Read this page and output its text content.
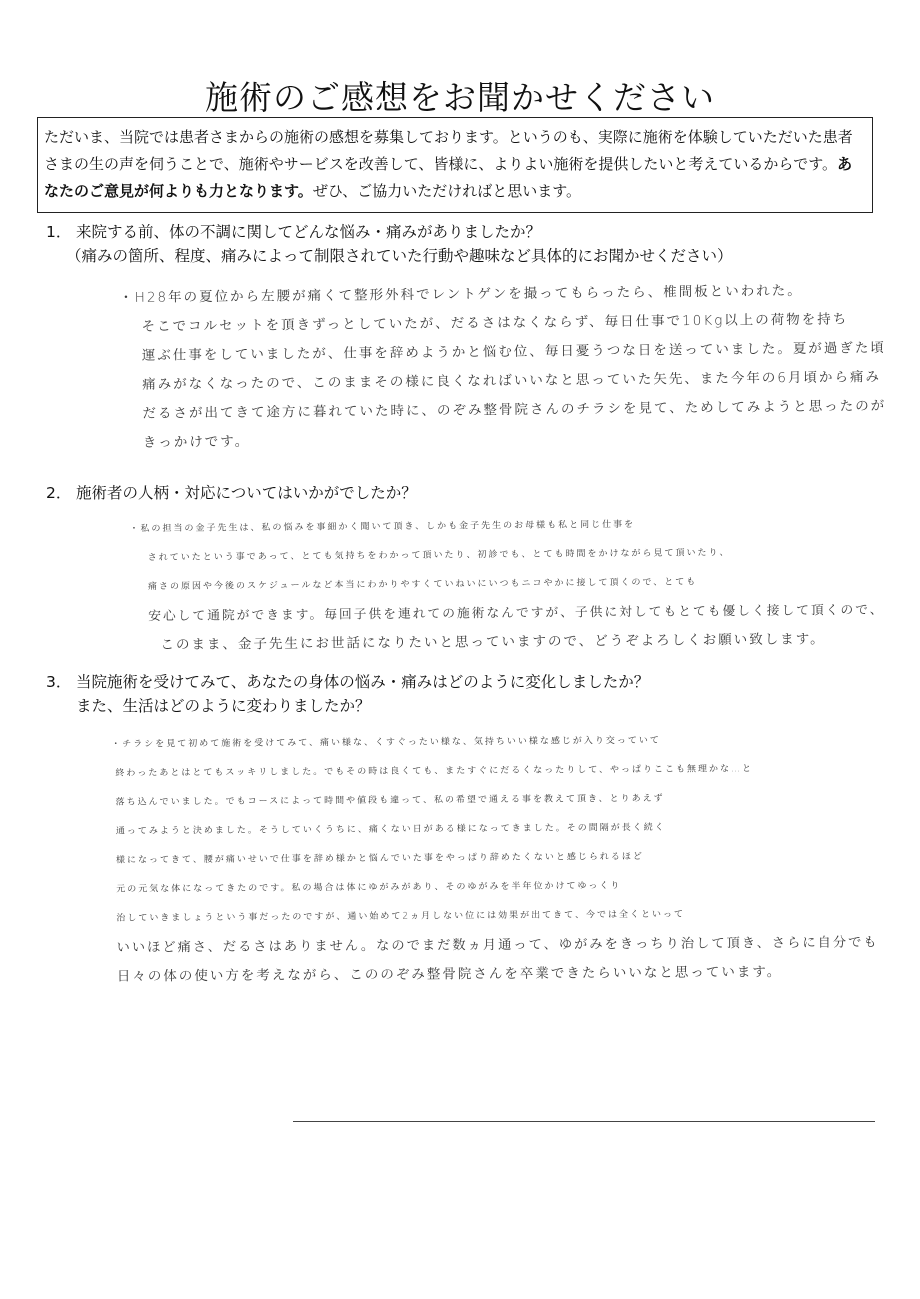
施術のご感想をお聞かせください
ただいま、当院では患者さまからの施術の感想を募集しております。というのも、実際に施術を体験していただいた患者さまの生の声を伺うことで、施術やサービスを改善して、皆様に、よりよい施術を提供したいと考えているからです。あなたのご意見が何よりも力となります。ぜひ、ご協力いただければと思います。
1． 来院する前、体の不調に関してどんな悩み・痛みがありましたか？
（痛みの箇所、程度、痛みによって制限されていた行動や趣味など具体的にお聞かせください）
・H28年の夏位から左腰が痛くて整形外科でレントゲンを撮ってもらったら、椎間板といわれた。
そこでコルセットを頂きずっとしていたが、だるさはなくならず、毎日仕事で10Kg以上の荷物を持ち
運ぶ仕事をしていましたが、仕事を辞めようかと悩む位、毎日憂うつな日を送っていました。夏が過ぎた頃
痛みがなくなったので、このままその様に良くなればいいなと思っていた矢先、また今年の6月頃から痛み
だるさが出てきて途方に暮れていた時に、のぞみ整骨院さんのチラシを見て、ためしてみようと思ったのが
きっかけです。
2． 施術者の人柄・対応についてはいかがでしたか？
・私の担当の金子先生は、私の悩みを事細かく聞いて頂き、しかも金子先生のお母様も私と同じ仕事を
されていたという事であって、とても気持ちをわかって頂いたり、初診でも、とても時間をかけながら見て頂いたり、
痛さの原因や今後のスケジュールなど本当にわかりやすくていねいにいつもニコやかに接して頂くので、とても
安心して通院ができます。毎回子供を連れての施術なんですが、子供に対してもとても優しく接して頂くので、
このまま、金子先生にお世話になりたいと思っていますので、どうぞよろしくお願い致します。
3． 当院施術を受けてみて、あなたの身体の悩み・痛みはどのように変化しましたか？
また、生活はどのように変わりましたか？
・チラシを見て初めて施術を受けてみて、痛い様な、くすぐったい様な、気持ちいい様な感じが入り交っていて
終わったあとはとてもスッキリしました。でもその時は良くても、またすぐにだるくなったりして、やっぱりここも無理かな…と
落ち込んでいました。でもコースによって時間や値段も違って、私の希望で通える事を教えて頂き、とりあえず
通ってみようと決めました。そうしていくうちに、痛くない日がある様になってきました。その間隔が長く続く
様になってきて、腰が痛いせいで仕事を辞め様かと悩んでいた事をやっぱり辞めたくないと感じられるほど
元の元気な体になってきたのです。私の場合は体にゆがみがあり、そのゆがみを半年位かけてゆっくり
治していきましょうという事だったのですが、通い始めて2ヵ月しない位には効果が出てきて、今では全くといって
いいほど痛さ、だるさはありません。なのでまだ数ヵ月通って、ゆがみをきっちり治して頂き、さらに自分でも
日々の体の使い方を考えながら、こののぞみ整骨院さんを卒業できたらいいなと思っています。
